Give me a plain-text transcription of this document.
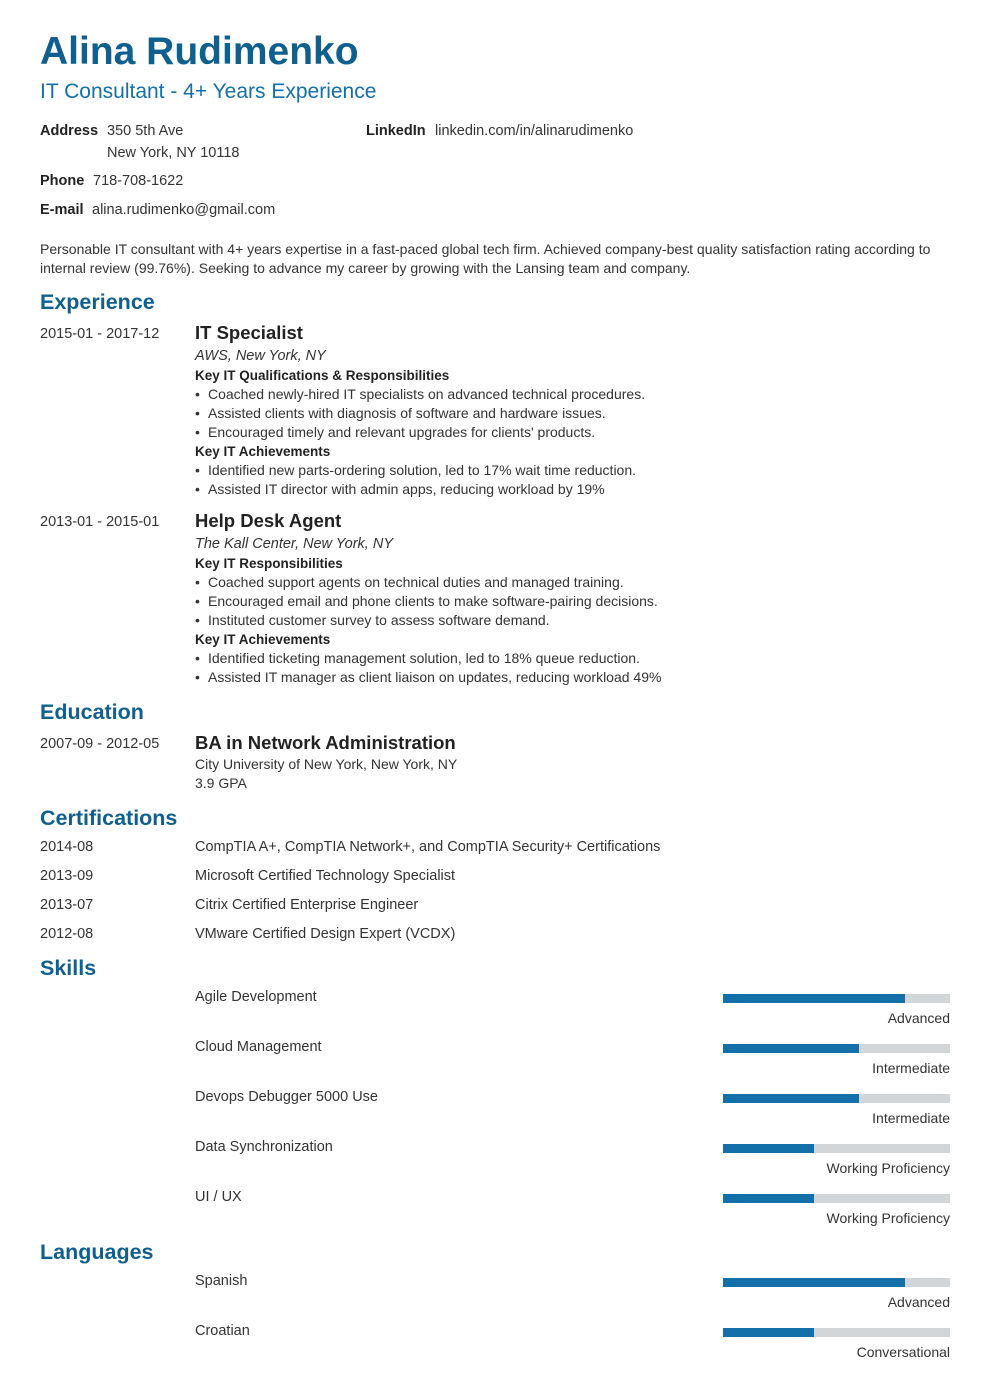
Alina Rudimenko
IT Consultant - 4+ Years Experience
Address 350 5th Ave
New York, NY 10118
LinkedIn linkedin.com/in/alinarudimenko
Phone 718-708-1622
E-mail alina.rudimenko@gmail.com

Personable IT consultant with 4+ years expertise in a fast-paced global tech firm. Achieved company-best quality satisfaction rating according to internal review (99.76%). Seeking to advance my career by growing with the Lansing team and company.

Experience
2015-01 - 2017-12 IT Specialist
AWS, New York, NY
Key IT Qualifications & Responsibilities
• Coached newly-hired IT specialists on advanced technical procedures.
• Assisted clients with diagnosis of software and hardware issues.
• Encouraged timely and relevant upgrades for clients' products.
Key IT Achievements
• Identified new parts-ordering solution, led to 17% wait time reduction.
• Assisted IT director with admin apps, reducing workload by 19%
2013-01 - 2015-01 Help Desk Agent
The Kall Center, New York, NY
Key IT Responsibilities
• Coached support agents on technical duties and managed training.
• Encouraged email and phone clients to make software-pairing decisions.
• Instituted customer survey to assess software demand.
Key IT Achievements
• Identified ticketing management solution, led to 18% queue reduction.
• Assisted IT manager as client liaison on updates, reducing workload 49%
Education
2007-09 - 2012-05 BA in Network Administration
City University of New York, New York, NY
3.9 GPA
Certifications
2014-08	CompTIA A+, CompTIA Network+, and CompTIA Security+ Certifications
2013-09	Microsoft Certified Technology Specialist
2013-07	Citrix Certified Enterprise Engineer
2012-08	VMware Certified Design Expert (VCDX)
Skills
Agile Development
Advanced
Cloud Management
Intermediate
Devops Debugger 5000 Use
Intermediate
Data Synchronization
Working Proficiency
UI / UX
Working Proficiency
Languages
Spanish
Advanced
Croatian
Conversational
